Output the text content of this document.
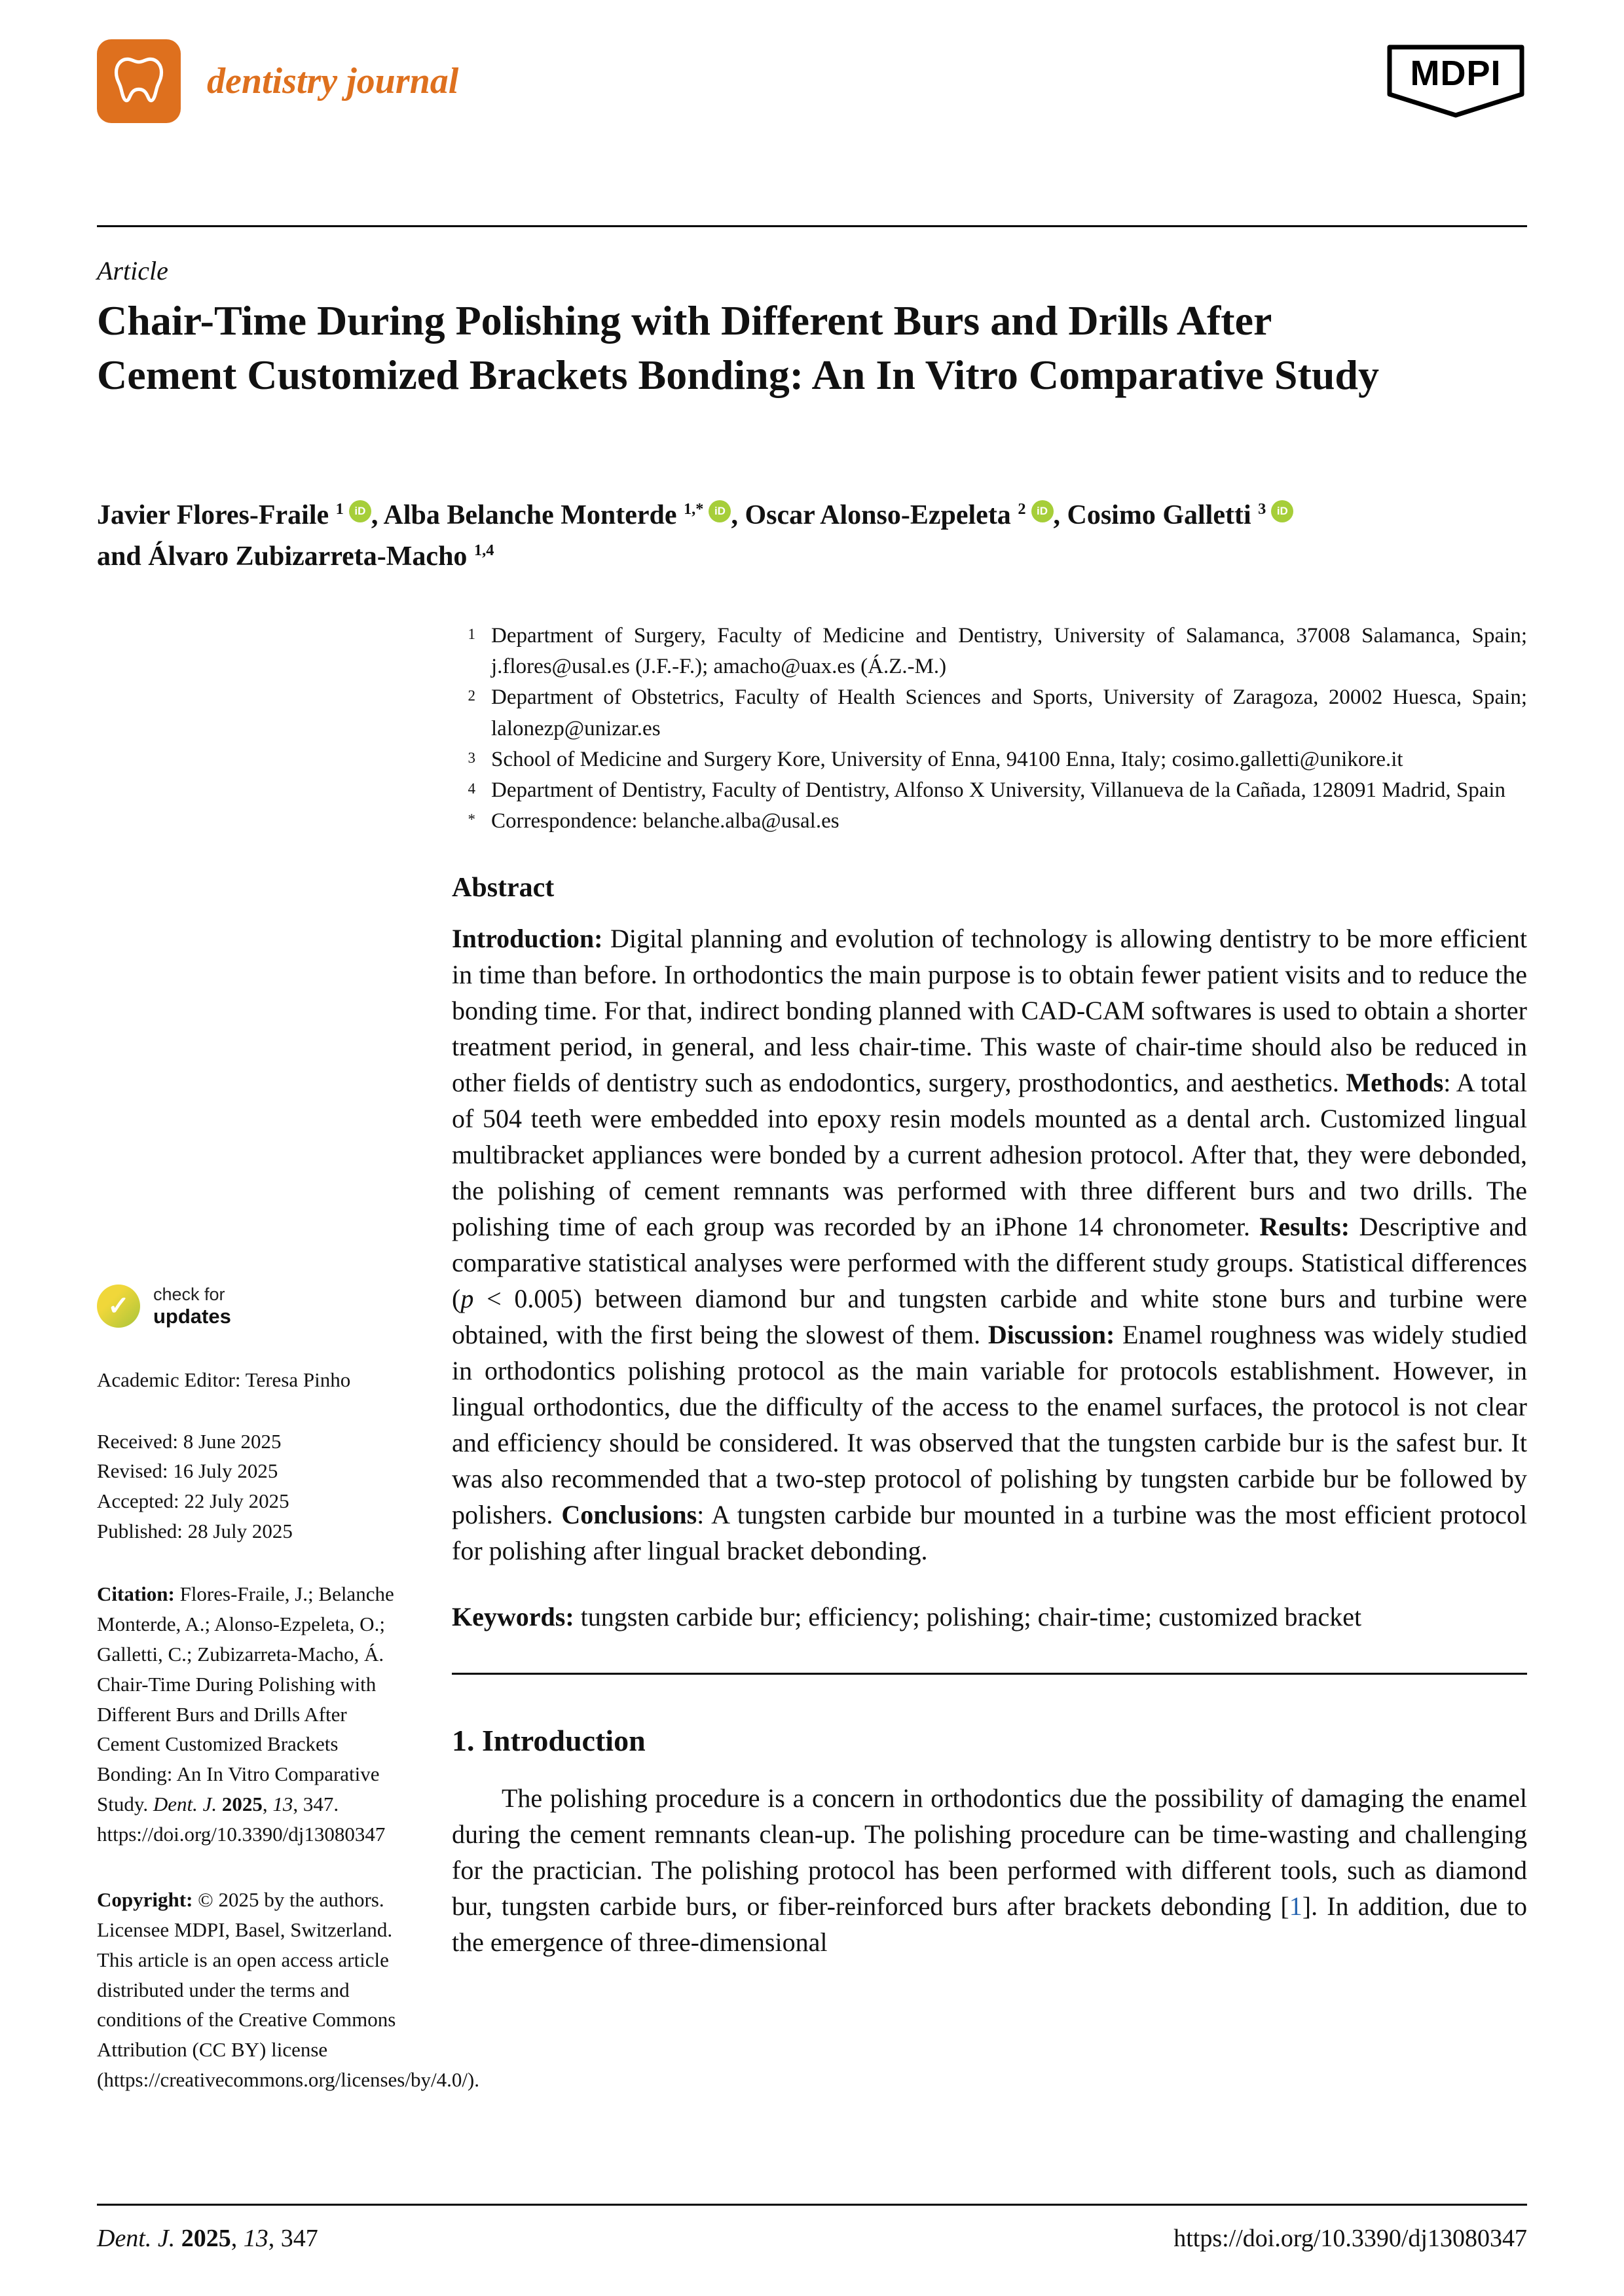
dentistry journal	MDPI
Article
Chair-Time During Polishing with Different Burs and Drills After Cement Customized Brackets Bonding: An In Vitro Comparative Study
Javier Flores-Fraile $^1$ iD , Alba Belanche Monterde $^{1,*}$ iD , Oscar Alonso-Ezpeleta $^2$ iD , Cosimo Galletti $^3$ iD
and Álvaro Zubizarreta-Macho $^{1,4}$
1 Department of Surgery, Faculty of Medicine and Dentistry, University of Salamanca, 37008 Salamanca, Spain; j.flores@usal.es (J.F.-F.); amacho@uax.es (Á.Z.-M.)
2 Department of Obstetrics, Faculty of Health Sciences and Sports, University of Zaragoza, 20002 Huesca, Spain; lalonezp@unizar.es
3 School of Medicine and Surgery Kore, University of Enna, 94100 Enna, Italy; cosimo.galletti@unikore.it
4 Department of Dentistry, Faculty of Dentistry, Alfonso X University, Villanueva de la Cañada, 128091 Madrid, Spain
* Correspondence: belanche.alba@usal.es
Abstract

Introduction: Digital planning and evolution of technology is allowing dentistry to be more efficient in time than before. In orthodontics the main purpose is to obtain fewer patient visits and to reduce the bonding time. For that, indirect bonding planned with CAD-CAM softwares is used to obtain a shorter treatment period, in general, and less chair-time. This waste of chair-time should also be reduced in other fields of dentistry such as endodontics, surgery, prosthodontics, and aesthetics. Methods: A total of 504 teeth were embedded into epoxy resin models mounted as a dental arch. Customized lingual multibracket appliances were bonded by a current adhesion protocol. After that, they were debonded, the polishing of cement remnants was performed with three different burs and two drills. The polishing time of each group was recorded by an iPhone 14 chronometer. Results: Descriptive and comparative statistical analyses were performed with the different study groups. Statistical differences (p < 0.005) between diamond bur and tungsten carbide and white stone burs and turbine were obtained, with the first being the slowest of them. Discussion: Enamel roughness was widely studied in orthodontics polishing protocol as the main variable for protocols establishment. However, in lingual orthodontics, due the difficulty of the access to the enamel surfaces, the protocol is not clear and efficiency should be considered. It was observed that the tungsten carbide bur is the safest bur. It was also recommended that a two-step protocol of polishing by tungsten carbide bur be followed by polishers. Conclusions: A tungsten carbide bur mounted in a turbine was the most efficient protocol for polishing after lingual bracket debonding.

Keywords: tungsten carbide bur; efficiency; polishing; chair-time; customized bracket

1. Introduction

The polishing procedure is a concern in orthodontics due the possibility of damaging the enamel during the cement remnants clean-up. The polishing procedure can be time-wasting and challenging for the practician. The polishing protocol has been performed with different tools, such as diamond bur, tungsten carbide burs, or fiber-reinforced burs after brackets debonding [1]. In addition, due to the emergence of three-dimensional

✓	check for
updates
Academic Editor: Teresa Pinho
Received: 8 June 2025
Revised: 16 July 2025
Accepted: 22 July 2025
Published: 28 July 2025
Citation: Flores-Fraile, J.; Belanche Monterde, A.; Alonso-Ezpeleta, O.; Galletti, C.; Zubizarreta-Macho, Á. Chair-Time During Polishing with Different Burs and Drills After Cement Customized Brackets Bonding: An In Vitro Comparative Study. Dent. J. 2025, 13, 347. https://doi.org/10.3390/dj13080347
Copyright: © 2025 by the authors. Licensee MDPI, Basel, Switzerland. This article is an open access article distributed under the terms and conditions of the Creative Commons Attribution (CC BY) license (https://creativecommons.org/licenses/by/4.0/).
Dent. J. 2025, 13, 347	https://doi.org/10.3390/dj13080347
